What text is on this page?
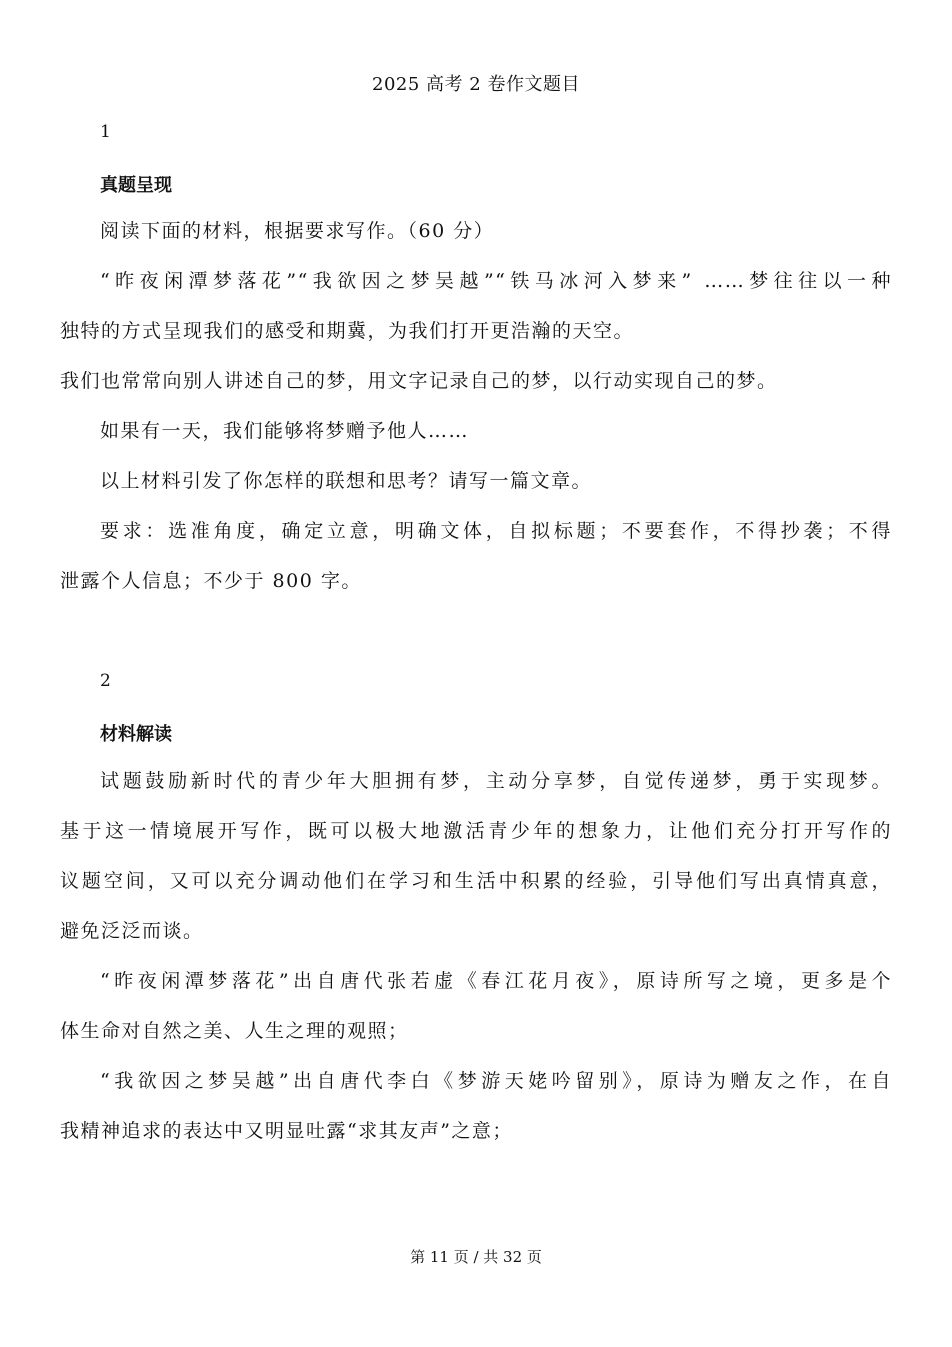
2025 高考 2 卷作文题目
1
真题呈现
阅读下面的材料，根据要求写作。（60 分）
“昨夜闲潭梦落花”“我欲因之梦吴越”“铁马冰河入梦来” ……梦往往以一种
独特的方式呈现我们的感受和期冀，为我们打开更浩瀚的天空。
我们也常常向别人讲述自己的梦，用文字记录自己的梦，以行动实现自己的梦。
如果有一天，我们能够将梦赠予他人……
以上材料引发了你怎样的联想和思考？请写一篇文章。
要求：选准角度，确定立意，明确文体，自拟标题；不要套作，不得抄袭；不得
泄露个人信息；不少于 800 字。
2
材料解读
试题鼓励新时代的青少年大胆拥有梦，主动分享梦，自觉传递梦，勇于实现梦。
基于这一情境展开写作，既可以极大地激活青少年的想象力，让他们充分打开写作的
议题空间，又可以充分调动他们在学习和生活中积累的经验，引导他们写出真情真意，
避免泛泛而谈。
“昨夜闲潭梦落花”出自唐代张若虚《春江花月夜》，原诗所写之境，更多是个
体生命对自然之美、人生之理的观照；
“我欲因之梦吴越”出自唐代李白《梦游天姥吟留别》，原诗为赠友之作，在自
我精神追求的表达中又明显吐露“求其友声”之意；
第 11 页 / 共 32 页
